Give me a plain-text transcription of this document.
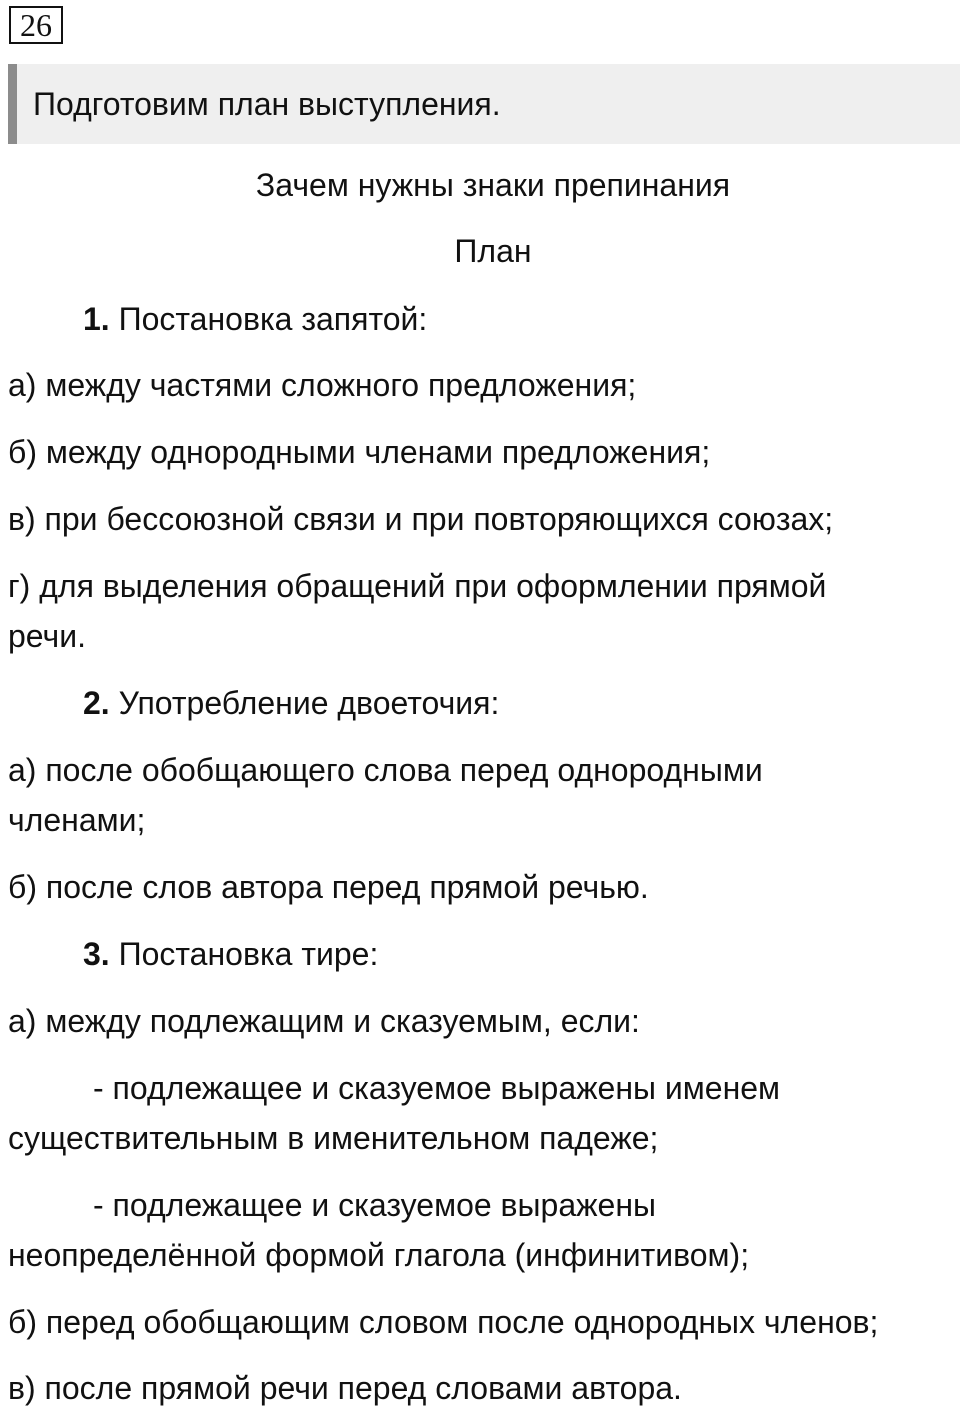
26
Подготовим план выступления.
Зачем нужны знаки препинания
План
1. Постановка запятой:
а) между частями сложного предложения;
б) между однородными членами предложения;
в) при бессоюзной связи и при повторяющихся союзах;
г) для выделения обращений при оформлении прямой
речи.
2. Употребление двоеточия:
а) после обобщающего слова перед однородными
членами;
б) после слов автора перед прямой речью.
3. Постановка тире:
а) между подлежащим и сказуемым, если:
- подлежащее и сказуемое выражены именем
существительным в именительном падеже;
- подлежащее и сказуемое выражены
неопределённой формой глагола (инфинитивом);
б) перед обобщающим словом после однородных членов;
в) после прямой речи перед словами автора.
